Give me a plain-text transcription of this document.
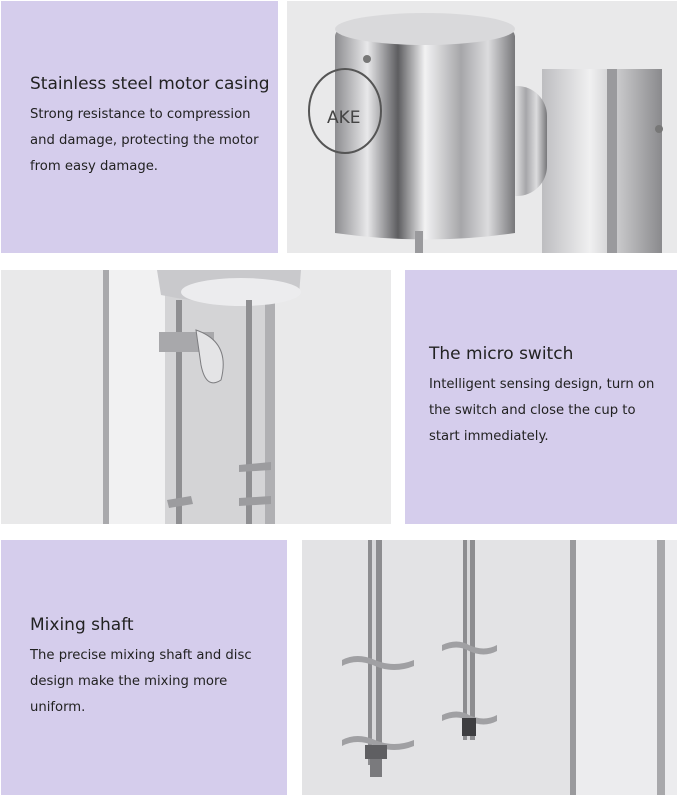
Stainless steel motor casing

Strong resistance to compression
and damage, protecting the motor
from easy damage.

AKE
The micro switch

Intelligent sensing design, turn on
the switch and close the cup to
start immediately.

Mixing shaft

The precise mixing shaft and disc
design make the mixing more
uniform.
